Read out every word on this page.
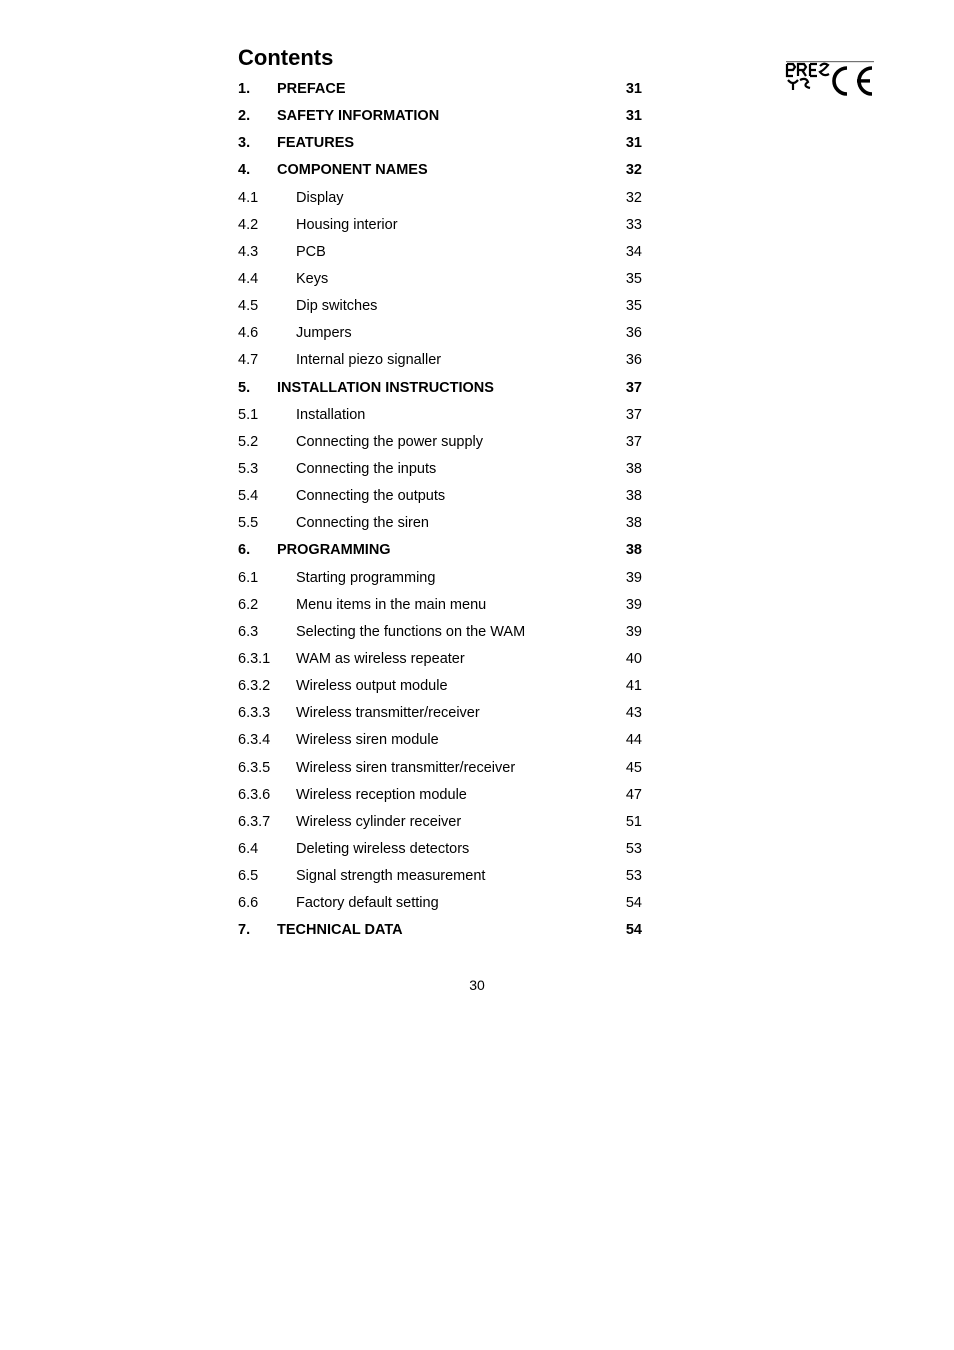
Contents
1. PREFACE	31
2. SAFETY INFORMATION	31
3. FEATURES	31
4. COMPONENT NAMES	32
4.1	Display	32
4.2	Housing interior	33
4.3	PCB	34
4.4	Keys	35
4.5	Dip switches	35
4.6	Jumpers	36
4.7	Internal piezo signaller	36
5. INSTALLATION INSTRUCTIONS	37
5.1	Installation	37
5.2	Connecting the power supply	37
5.3	Connecting the inputs	38
5.4	Connecting the outputs	38
5.5	Connecting the siren	38
6. PROGRAMMING	38
6.1	Starting programming	39
6.2	Menu items in the main menu	39
6.3	Selecting the functions on the WAM	39
6.3.1 WAM as wireless repeater	40
6.3.2 Wireless output module	41
6.3.3 Wireless transmitter/receiver	43
6.3.4 Wireless siren module	44
6.3.5 Wireless siren transmitter/receiver	45
6.3.6 Wireless reception module	47
6.3.7 Wireless cylinder receiver	51
6.4	Deleting wireless detectors	53
6.5	Signal strength measurement	53
6.6	Factory default setting	54
7. TECHNICAL DATA	54
30
